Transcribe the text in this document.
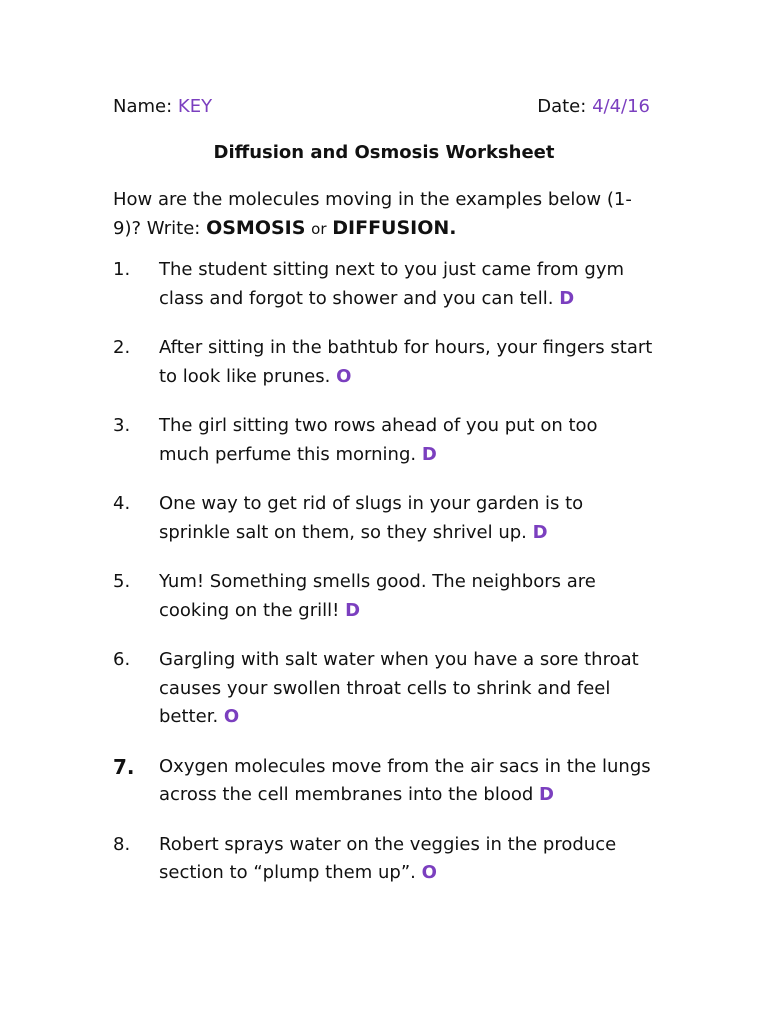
Name: KEY	Date: 4/4/16
Diffusion and Osmosis Worksheet
How are the molecules moving in the examples below (1-9)? Write: OSMOSIS or DIFFUSION.
1.	The student sitting next to you just came from gym class and forgot to shower and you can tell. D
2.	After sitting in the bathtub for hours, your fingers start to look like prunes. O
3.	The girl sitting two rows ahead of you put on too much perfume this morning. D
4.	One way to get rid of slugs in your garden is to sprinkle salt on them, so they shrivel up. D
5.	Yum! Something smells good. The neighbors are cooking on the grill! D
6.	Gargling with salt water when you have a sore throat causes your swollen throat cells to shrink and feel better. O
7.	Oxygen molecules move from the air sacs in the lungs across the cell membranes into the blood D
8.	Robert sprays water on the veggies in the produce section to “plump them up”. O
